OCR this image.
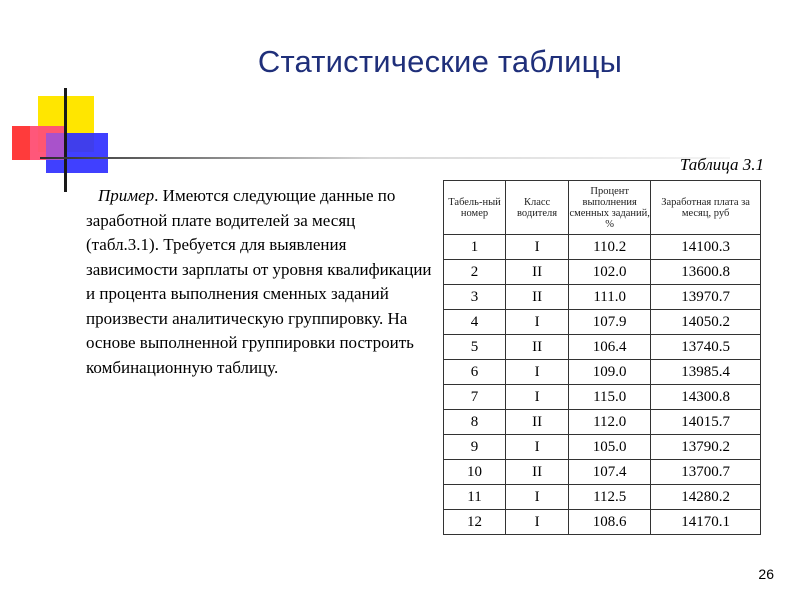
Статистические таблицы
Пример. Имеются следующие данные по заработной плате водителей за месяц (табл.3.1). Требуется для выявления зависимости зарплаты от уровня квалификации и процента выполнения сменных заданий произвести аналитическую группировку. На основе выполненной группировки построить комбинационную таблицу.
Таблица 3.1
Табель-ный номер	Класс водителя	Процент выполнения сменных заданий, %	Заработная плата за месяц, руб
1	I	110.2	14100.3
2	II	102.0	13600.8
3	II	111.0	13970.7
4	I	107.9	14050.2
5	II	106.4	13740.5
6	I	109.0	13985.4
7	I	115.0	14300.8
8	II	112.0	14015.7
9	I	105.0	13790.2
10	II	107.4	13700.7
11	I	112.5	14280.2
12	I	108.6	14170.1
26
